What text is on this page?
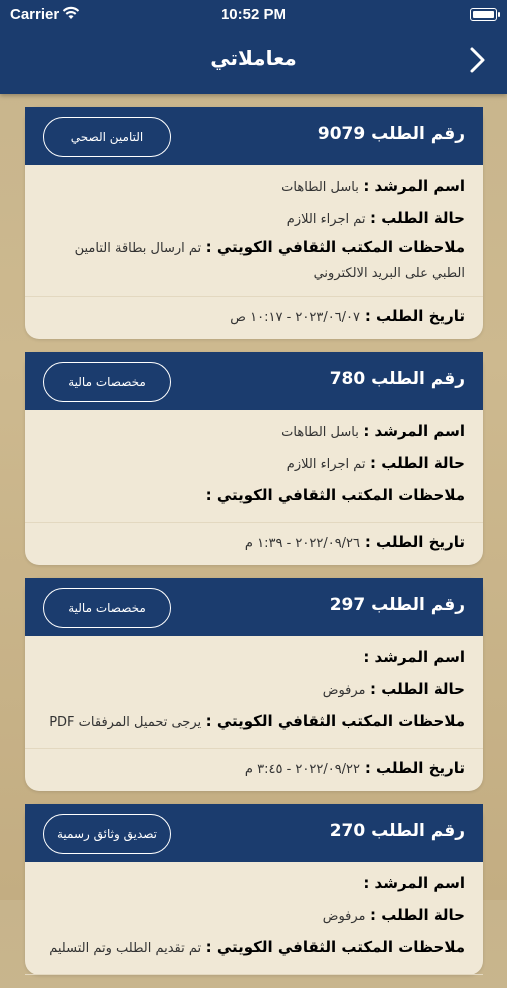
Carrier	10:52 PM
معاملاتي
رقم الطلب 9079
التامين الصحي
اسم المرشد : باسل الطاهات
حالة الطلب : تم اجراء اللازم
ملاحظات المكتب الثقافي الكويتي : تم ارسال بطاقة التامين الطبي على البريد الالكتروني
تاريخ الطلب : ٢٠٢٣/٠٦/٠٧ - ١٠:١٧ ص
رقم الطلب 780
مخصصات مالية
اسم المرشد : باسل الطاهات
حالة الطلب : تم اجراء اللازم
ملاحظات المكتب الثقافي الكويتي :
تاريخ الطلب : ٢٠٢٢/٠٩/٢٦ - ١:٣٩ م
رقم الطلب 297
مخصصات مالية
اسم المرشد :
حالة الطلب : مرفوض
ملاحظات المكتب الثقافي الكويتي : يرجى تحميل المرفقات PDF
تاريخ الطلب : ٢٠٢٢/٠٩/٢٢ - ٣:٤٥ م
رقم الطلب 270
تصديق وثائق رسمية
اسم المرشد :
حالة الطلب : مرفوض
ملاحظات المكتب الثقافي الكويتي : تم تقديم الطلب وتم التسليم
